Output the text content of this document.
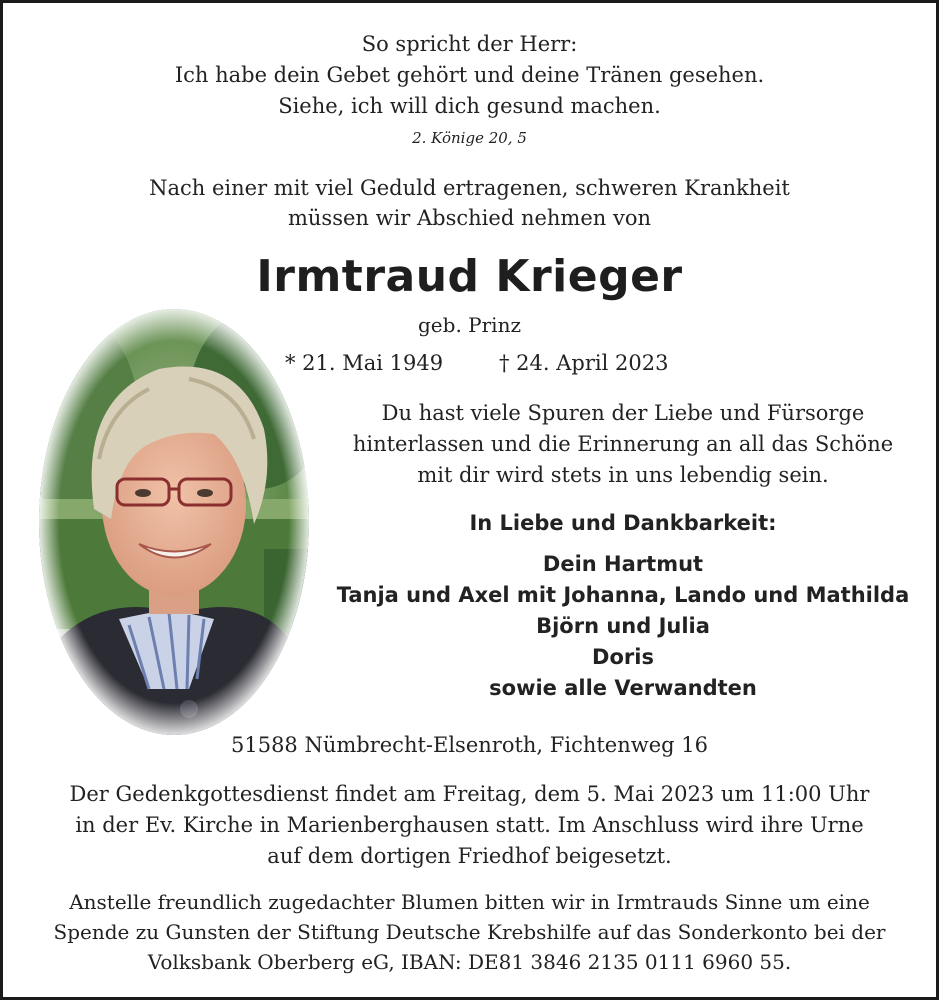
So spricht der Herr:
Ich habe dein Gebet gehört und deine Tränen gesehen.
Siehe, ich will dich gesund machen.
2. Könige 20, 5
Nach einer mit viel Geduld ertragenen, schweren Krankheit
müssen wir Abschied nehmen von
Irmtraud Krieger
geb. Prinz
* 21. Mai 1949	† 24. April 2023
Du hast viele Spuren der Liebe und Fürsorge
hinterlassen und die Erinnerung an all das Schöne
mit dir wird stets in uns lebendig sein.
In Liebe und Dankbarkeit:
Dein Hartmut
Tanja und Axel mit Johanna, Lando und Mathilda
Björn und Julia
Doris
sowie alle Verwandten
51588 Nümbrecht-Elsenroth, Fichtenweg 16
Der Gedenkgottesdienst findet am Freitag, dem 5. Mai 2023 um 11:00 Uhr
in der Ev. Kirche in Marienberghausen statt. Im Anschluss wird ihre Urne
auf dem dortigen Friedhof beigesetzt.
Anstelle freundlich zugedachter Blumen bitten wir in Irmtrauds Sinne um eine
Spende zu Gunsten der Stiftung Deutsche Krebshilfe auf das Sonderkonto bei der
Volksbank Oberberg eG, IBAN: DE81 3846 2135 0111 6960 55.
